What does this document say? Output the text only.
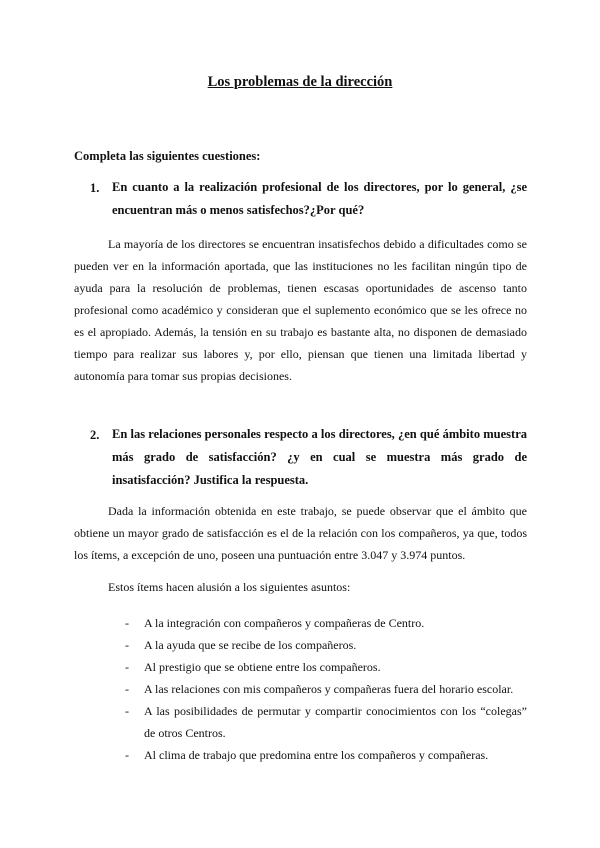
Los problemas de la dirección
Completa las siguientes cuestiones:
1. En cuanto a la realización profesional de los directores, por lo general, ¿se encuentran más o menos satisfechos?¿Por qué?

La mayoría de los directores se encuentran insatisfechos debido a dificultades como se pueden ver en la información aportada, que las instituciones no les facilitan ningún tipo de ayuda para la resolución de problemas, tienen escasas oportunidades de ascenso tanto profesional como académico y consideran que el suplemento económico que se les ofrece no es el apropiado. Además, la tensión en su trabajo es bastante alta, no disponen de demasiado tiempo para realizar sus labores y, por ello, piensan que tienen una limitada libertad y autonomía para tomar sus propias decisiones.

2. En las relaciones personales respecto a los directores, ¿en qué ámbito muestra más grado de satisfacción? ¿y en cual se muestra más grado de insatisfacción? Justifica la respuesta.

Dada la información obtenida en este trabajo, se puede observar que el ámbito que obtiene un mayor grado de satisfacción es el de la relación con los compañeros, ya que, todos los ítems, a excepción de uno, poseen una puntuación entre 3.047 y 3.974 puntos.

Estos ítems hacen alusión a los siguientes asuntos:

- A la integración con compañeros y compañeras de Centro.
- A la ayuda que se recibe de los compañeros.
- Al prestigio que se obtiene entre los compañeros.
- A las relaciones con mis compañeros y compañeras fuera del horario escolar.
- A las posibilidades de permutar y compartir conocimientos con los “colegas” de otros Centros.
- Al clima de trabajo que predomina entre los compañeros y compañeras.
